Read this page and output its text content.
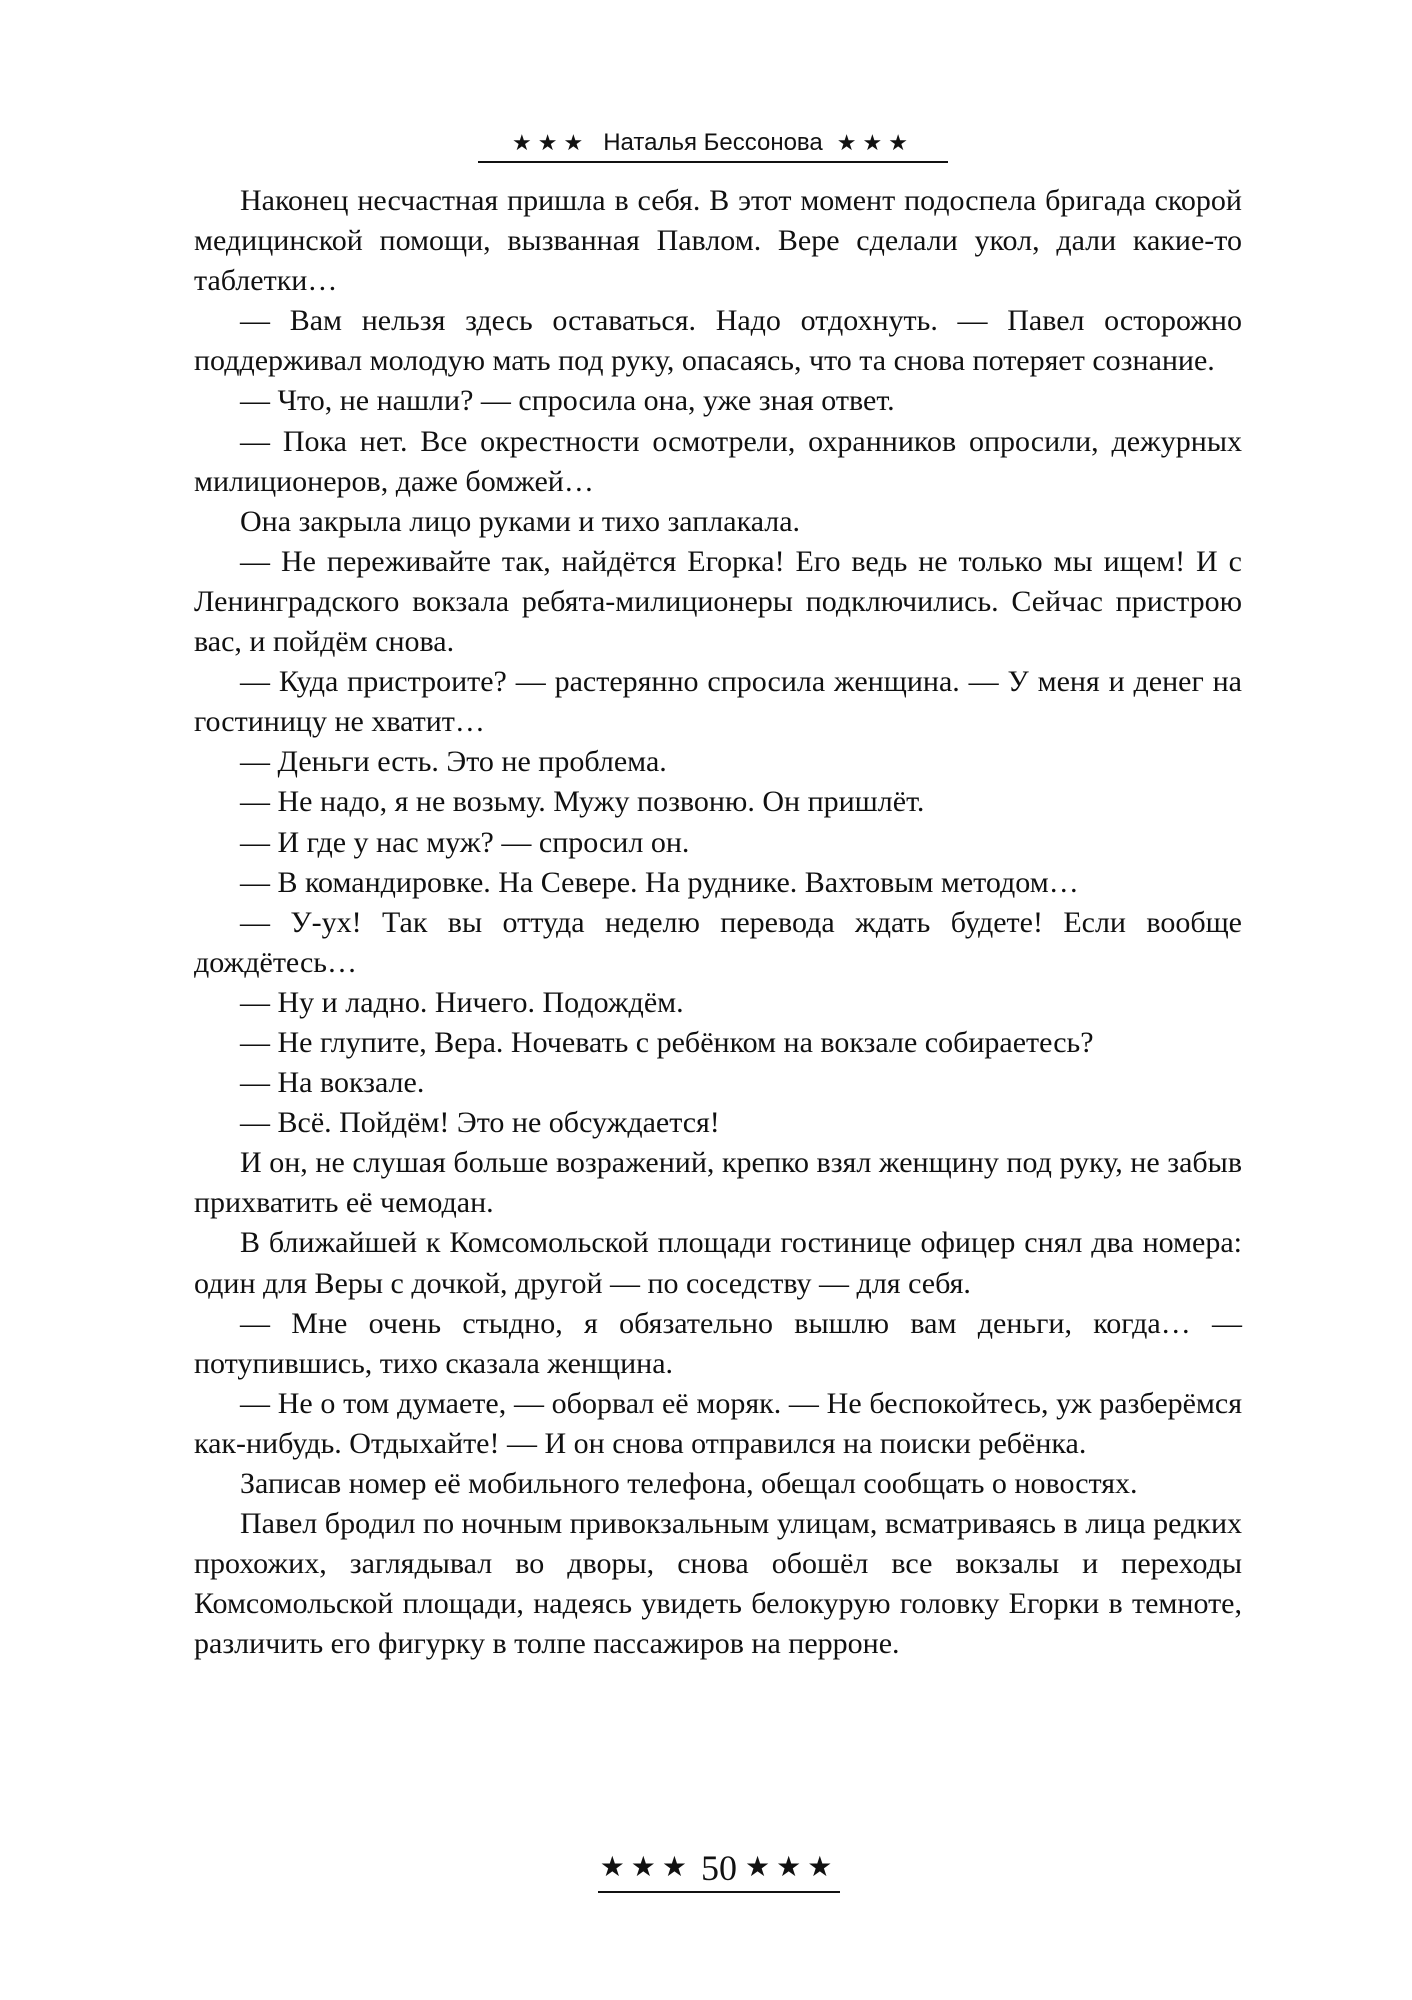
★★★ Наталья Бессонова ★★★

Наконец несчастная пришла в себя. В этот момент подоспела бригада скорой медицинской помощи, вызванная Павлом. Вере сделали укол, дали какие-то таблетки…

— Вам нельзя здесь оставаться. Надо отдохнуть. — Павел осторожно поддерживал молодую мать под руку, опасаясь, что та снова потеряет сознание.

— Что, не нашли? — спросила она, уже зная ответ.

— Пока нет. Все окрестности осмотрели, охранников опросили, дежурных милиционеров, даже бомжей…

Она закрыла лицо руками и тихо заплакала.

— Не переживайте так, найдётся Егорка! Его ведь не только мы ищем! И с Ленинградского вокзала ребята-милиционеры подключились. Сейчас пристрою вас, и пойдём снова.

— Куда пристроите? — растерянно спросила женщина. — У меня и денег на гостиницу не хватит…

— Деньги есть. Это не проблема.

— Не надо, я не возьму. Мужу позвоню. Он пришлёт.

— И где у нас муж? — спросил он.

— В командировке. На Севере. На руднике. Вахтовым методом…

— У-ух! Так вы оттуда неделю перевода ждать будете! Если вообще дождётесь…

— Ну и ладно. Ничего. Подождём.

— Не глупите, Вера. Ночевать с ребёнком на вокзале собираетесь?

— На вокзале.

— Всё. Пойдём! Это не обсуждается!

И он, не слушая больше возражений, крепко взял женщину под руку, не забыв прихватить её чемодан.

В ближайшей к Комсомольской площади гостинице офицер снял два номера: один для Веры с дочкой, другой — по соседству — для себя.

— Мне очень стыдно, я обязательно вышлю вам деньги, когда… — потупившись, тихо сказала женщина.

— Не о том думаете, — оборвал её моряк. — Не беспокойтесь, уж разберёмся как-нибудь. Отдыхайте! — И он снова отправился на поиски ребёнка.

Записав номер её мобильного телефона, обещал сообщать о новостях.

Павел бродил по ночным привокзальным улицам, всматриваясь в лица редких прохожих, заглядывал во дворы, снова обошёл все вокзалы и переходы Комсомольской площади, надеясь увидеть белокурую головку Егорки в темноте, различить его фигурку в толпе пассажиров на перроне.

★★★ 50 ★★★
